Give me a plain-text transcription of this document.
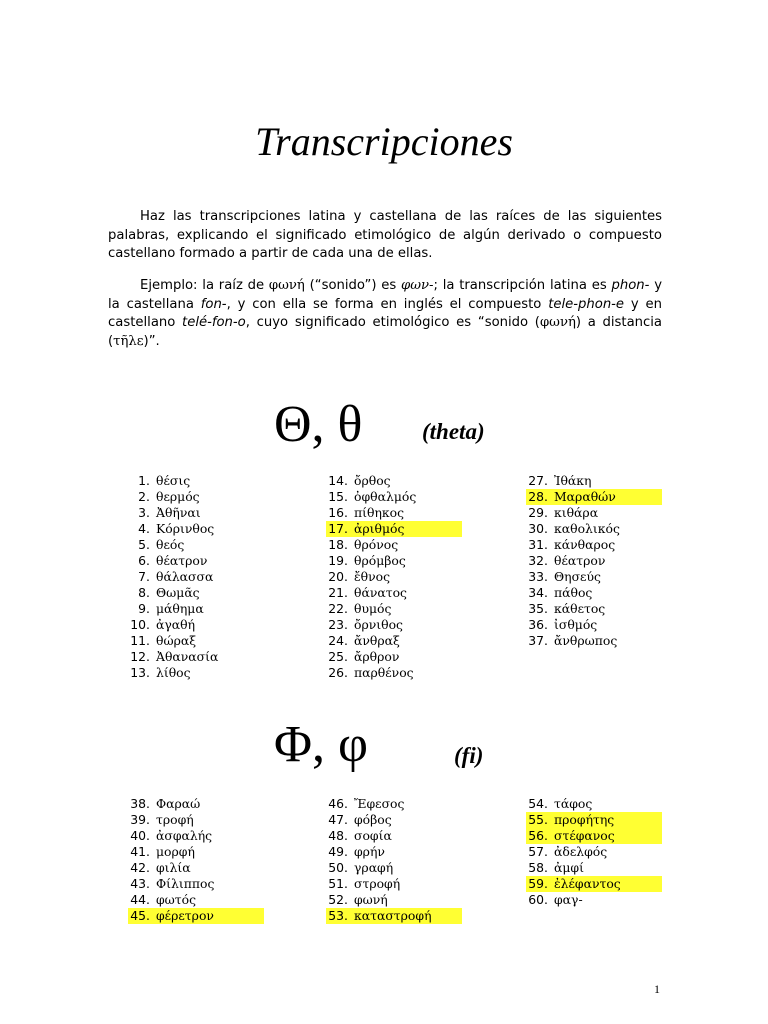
Transcripciones

Haz las transcripciones latina y castellana de las raíces de las siguientes palabras, explicando el significado etimológico de algún derivado o compuesto castellano formado a partir de cada una de ellas.

Ejemplo: la raíz de φωνή (“sonido”) es φων-; la transcripción latina es phon- y la castellana fon-, y con ella se forma en inglés el compuesto tele-phon-e y en castellano telé-fon-o, cuyo significado etimológico es “sonido (φωνή) a distancia (τῆλε)”.

Θ, θ	(theta)
1. θέσις
2. θερμός
3. Ἀθῆναι
4. Κόρινθος
5. θεός
6. θέατρον
7. θάλασσα
8. Θωμᾶς
9. μάθημα
10. ἀγαθή
11. θώραξ
12. Ἀθανασία
13. λίθος
14. ὄρθος
15. ὀφθαλμός
16. πίθηκος
17. ἀριθμός
18. θρόνος
19. θρόμβος
20. ἔθνος
21. θάνατος
22. θυμός
23. ὄρνιθος
24. ἄνθραξ
25. ἄρθρον
26. παρθένος
27. Ἰθάκη
28. Μαραθών
29. κιθάρα
30. καθολικός
31. κάνθαρος
32. θέατρον
33. Θησεύς
34. πάθος
35. κάθετος
36. ἰσθμός
37. ἄνθρωπος
Φ, φ	(fi)
38. Φαραώ
39. τροφή
40. ἀσφαλής
41. μορφή
42. φιλία
43. Φίλιππος
44. φωτός
45. φέρετρον
46. Ἔφεσος
47. φόβος
48. σοφία
49. φρήν
50. γραφή
51. στροφή
52. φωνή
53. καταστροφή
54. τάφος
55. προφήτης
56. στέφανος
57. ἀδελφός
58. ἀμφί
59. ἐλέφαντος
60. φαγ-
1
